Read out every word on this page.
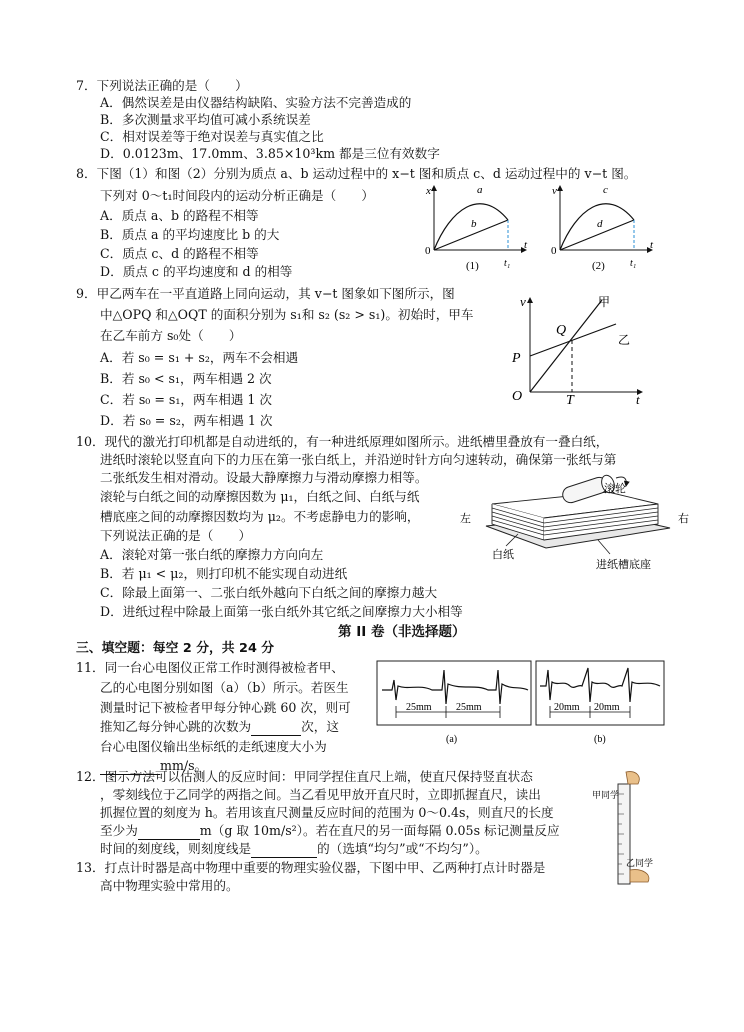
7．下列说法正确的是（　　）
A．偶然误差是由仪器结构缺陷、实验方法不完善造成的
B．多次测量求平均值可减小系统误差
C．相对误差等于绝对误差与真实值之比
D．0.0123m、17.0mm、3.85×10³km 都是三位有效数字
8．下图（1）和图（2）分别为质点 a、b 运动过程中的 x−t 图和质点 c、d 运动过程中的 v−t 图。
下列对 0～t₁时间段内的运动分析正确是（　　）
A．质点 a、b 的路程不相等
B．质点 a 的平均速度比 b 的大
C．质点 c、d 的路程不相等
D．质点 c 的平均速度和 d 的相等
x
t
0
a
b
t₁
(1)
v
t
0
c
d
t₁
(2)
9．甲乙两车在一平直道路上同向运动，其 v−t 图象如下图所示，图
中△OPQ 和△OQT 的面积分别为 s₁和 s₂ (s₂ > s₁)。初始时，甲车
在乙车前方 s₀处（　　）
A．若 s₀ = s₁ + s₂，两车不会相遇
B．若 s₀ < s₁，两车相遇 2 次
C．若 s₀ = s₁，两车相遇 1 次
D．若 s₀ = s₂，两车相遇 1 次
v
t
O
P
Q
T
甲
乙
10．现代的激光打印机都是自动进纸的，有一种进纸原理如图所示。进纸槽里叠放有一叠白纸，
进纸时滚轮以竖直向下的力压在第一张白纸上，并沿逆时针方向匀速转动，确保第一张纸与第
二张纸发生相对滑动。设最大静摩擦力与滑动摩擦力相等。
滚轮与白纸之间的动摩擦因数为 μ₁，白纸之间、白纸与纸
槽底座之间的动摩擦因数均为 μ₂。不考虑静电力的影响，
下列说法正确的是（　　）
A．滚轮对第一张白纸的摩擦力方向向左
B．若 μ₁ < μ₂，则打印机不能实现自动进纸
C．除最上面第一、二张白纸外越向下白纸之间的摩擦力越大
D．进纸过程中除最上面第一张白纸外其它纸之间摩擦力大小相等
滚轮
左	右
白纸
进纸槽底座
第 II 卷（非选择题）
三、填空题：每空 2 分，共 24 分
11．同一台心电图仪正常工作时测得被检者甲、
乙的心电图分别如图（a）（b）所示。若医生
测量时记下被检者甲每分钟心跳 60 次，则可
推知乙每分钟心跳的次数为	次，这
台心电图仪输出坐标纸的走纸速度大小为
mm/s。
25mm 25mm	20mm 20mm
(a)	(b)
12．图示方法可以估测人的反应时间：甲同学捏住直尺上端，使直尺保持竖直状态
，零刻线位于乙同学的两指之间。当乙看见甲放开直尺时，立即抓握直尺，读出
抓握位置的刻度为 h。若用该直尺测量反应时间的范围为 0～0.4s，则直尺的长度
至少为	m（g 取 10m/s²）。若在直尺的另一面每隔 0.05s 标记测量反应
时间的刻度线，则刻度线是	的（选填“均匀”或“不均匀”）。
甲同学
乙同学
13．打点计时器是高中物理中重要的物理实验仪器，下图中甲、乙两种打点计时器是
高中物理实验中常用的。
